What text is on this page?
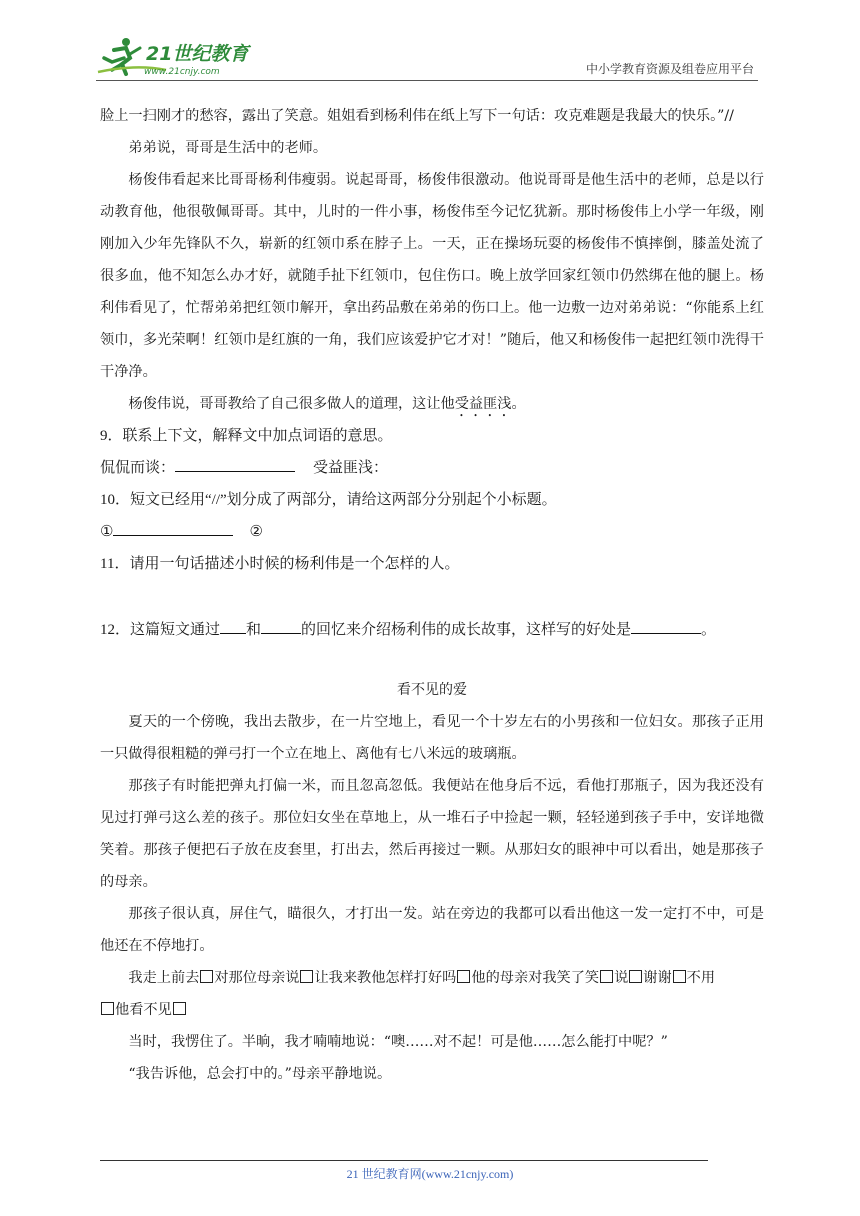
21世纪教育
www.21cnjy.com	中小学教育资源及组卷应用平台

脸上一扫刚才的愁容，露出了笑意。姐姐看到杨利伟在纸上写下一句话：攻克难题是我最大的快乐。”//

弟弟说，哥哥是生活中的老师。

杨俊伟看起来比哥哥杨利伟瘦弱。说起哥哥，杨俊伟很激动。他说哥哥是他生活中的老师，总是以行动教育他，他很敬佩哥哥。其中，儿时的一件小事，杨俊伟至今记忆犹新。那时杨俊伟上小学一年级，刚刚加入少年先锋队不久，崭新的红领巾系在脖子上。一天，正在操场玩耍的杨俊伟不慎摔倒，膝盖处流了很多血，他不知怎么办才好，就随手扯下红领巾，包住伤口。晚上放学回家红领巾仍然绑在他的腿上。杨利伟看见了，忙帮弟弟把红领巾解开，拿出药品敷在弟弟的伤口上。他一边敷一边对弟弟说：“你能系上红领巾，多光荣啊！红领巾是红旗的一角，我们应该爱护它才对！”随后，他又和杨俊伟一起把红领巾洗得干干净净。

杨俊伟说，哥哥教给了自己很多做人的道理，这让他受益匪浅。

9．联系上下文，解释文中加点词语的意思。

侃侃而谈：	受益匪浅：

10．短文已经用“//”划分成了两部分，请给这两部分分别起个小标题。

①	②

11．请用一句话描述小时候的杨利伟是一个怎样的人。

12．这篇短文通过 和	的回忆来介绍杨利伟的成长故事，这样写的好处是	。

看不见的爱

夏天的一个傍晚，我出去散步，在一片空地上，看见一个十岁左右的小男孩和一位妇女。那孩子正用一只做得很粗糙的弹弓打一个立在地上、离他有七八米远的玻璃瓶。

那孩子有时能把弹丸打偏一米，而且忽高忽低。我便站在他身后不远，看他打那瓶子，因为我还没有见过打弹弓这么差的孩子。那位妇女坐在草地上，从一堆石子中捡起一颗，轻轻递到孩子手中，安详地微笑着。那孩子便把石子放在皮套里，打出去，然后再接过一颗。从那妇女的眼神中可以看出，她是那孩子的母亲。

那孩子很认真，屏住气，瞄很久，才打出一发。站在旁边的我都可以看出他这一发一定打不中，可是他还在不停地打。

我走上前去 对那位母亲说 让我来教他怎样打好吗 他的母亲对我笑了笑 说 谢谢 不用
他看不见

当时，我愣住了。半晌，我才喃喃地说：“噢……对不起！可是他……怎么能打中呢？”

“我告诉他，总会打中的。”母亲平静地说。

21 世纪教育网(www.21cnjy.com)
